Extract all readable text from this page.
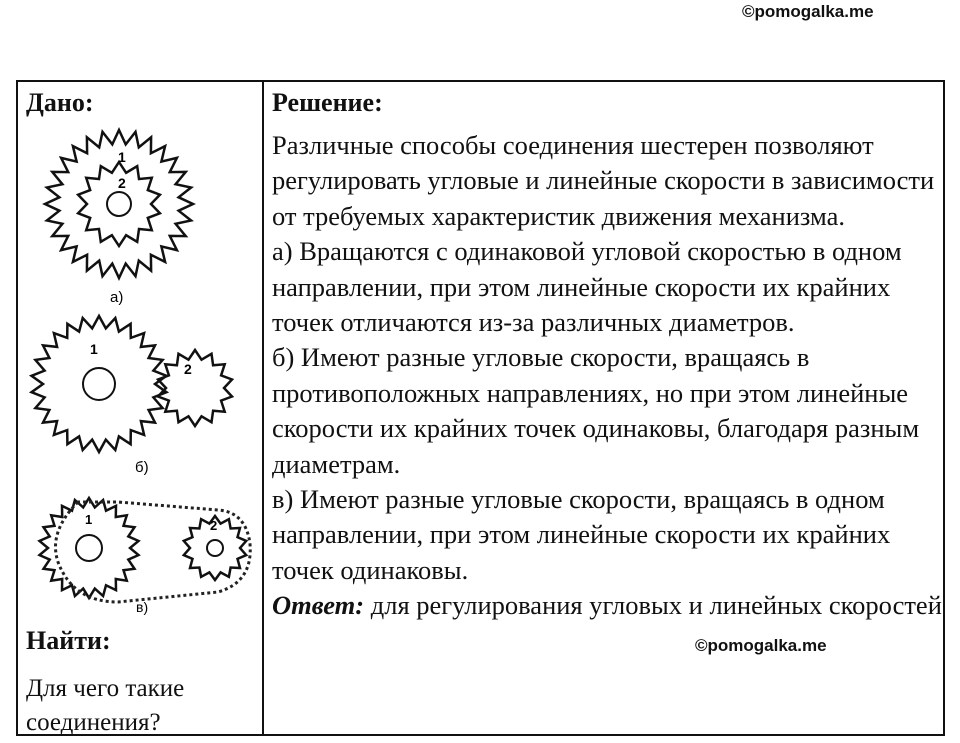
©pomogalka.me
Дано:
1
2
а)
1
2
б)
1	2
в)
Найти:
Для чего такие соединения?
Решение:

Различные способы соединения шестерен позволяют регулировать угловые и линейные скорости в зависимости от требуемых характеристик движения механизма.

а) Вращаются с одинаковой угловой скоростью в одном направлении, при этом линейные скорости их крайних точек отличаются из-за различных диаметров.

б) Имеют разные угловые скорости, вращаясь в противоположных направлениях, но при этом линейные скорости их крайних точек одинаковы, благодаря разным диаметрам.

в) Имеют разные угловые скорости, вращаясь в одном направлении, при этом линейные скорости их крайних точек одинаковы.

Ответ: для регулирования угловых и линейных скоростей

©pomogalka.me
